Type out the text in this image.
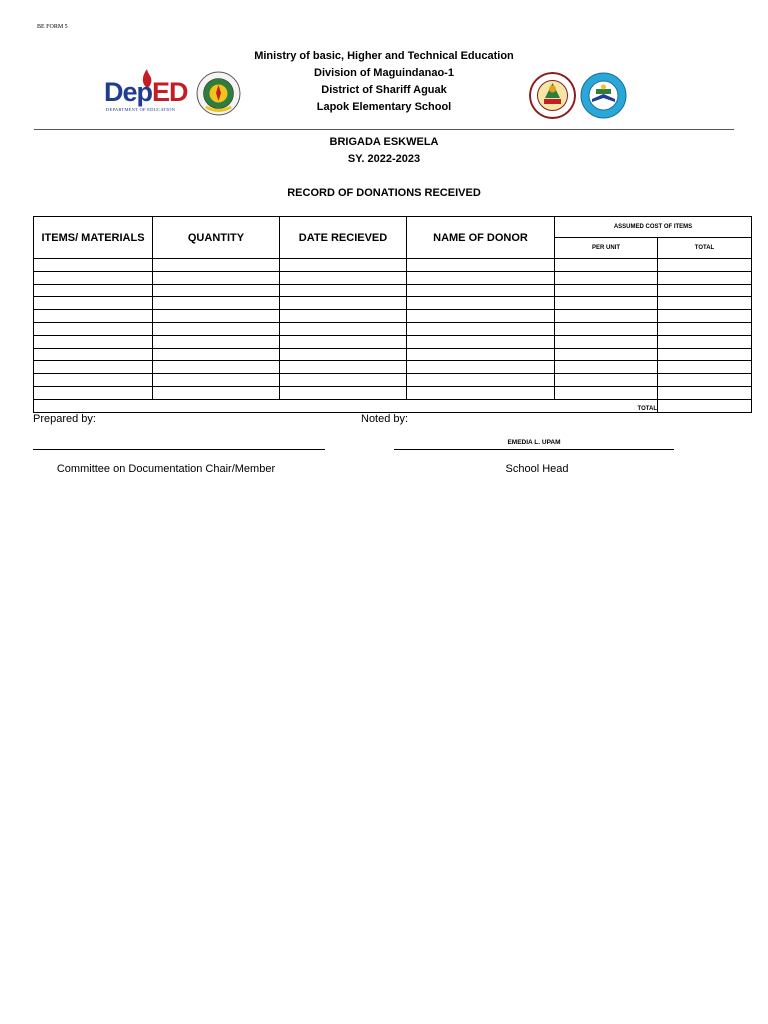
BE FORM 5
Ministry of basic, Higher and Technical Education
Division of Maguindanao-1
District of Shariff Aguak
Lapok Elementary School
DepED
DEPARTMENT OF EDUCATION
BRIGADA ESKWELA
SY. 2022-2023
RECORD OF DONATIONS RECEIVED
ITEMS/ MATERIALS	QUANTITY	DATE RECIEVED	NAME OF DONOR	ASSUMED COST OF ITEMS	
				PER UNIT	TOTAL

TOTAL					
Prepared by:	Noted by:
EMEDIA L. UPAM
Committee on Documentation Chair/Member	School Head
